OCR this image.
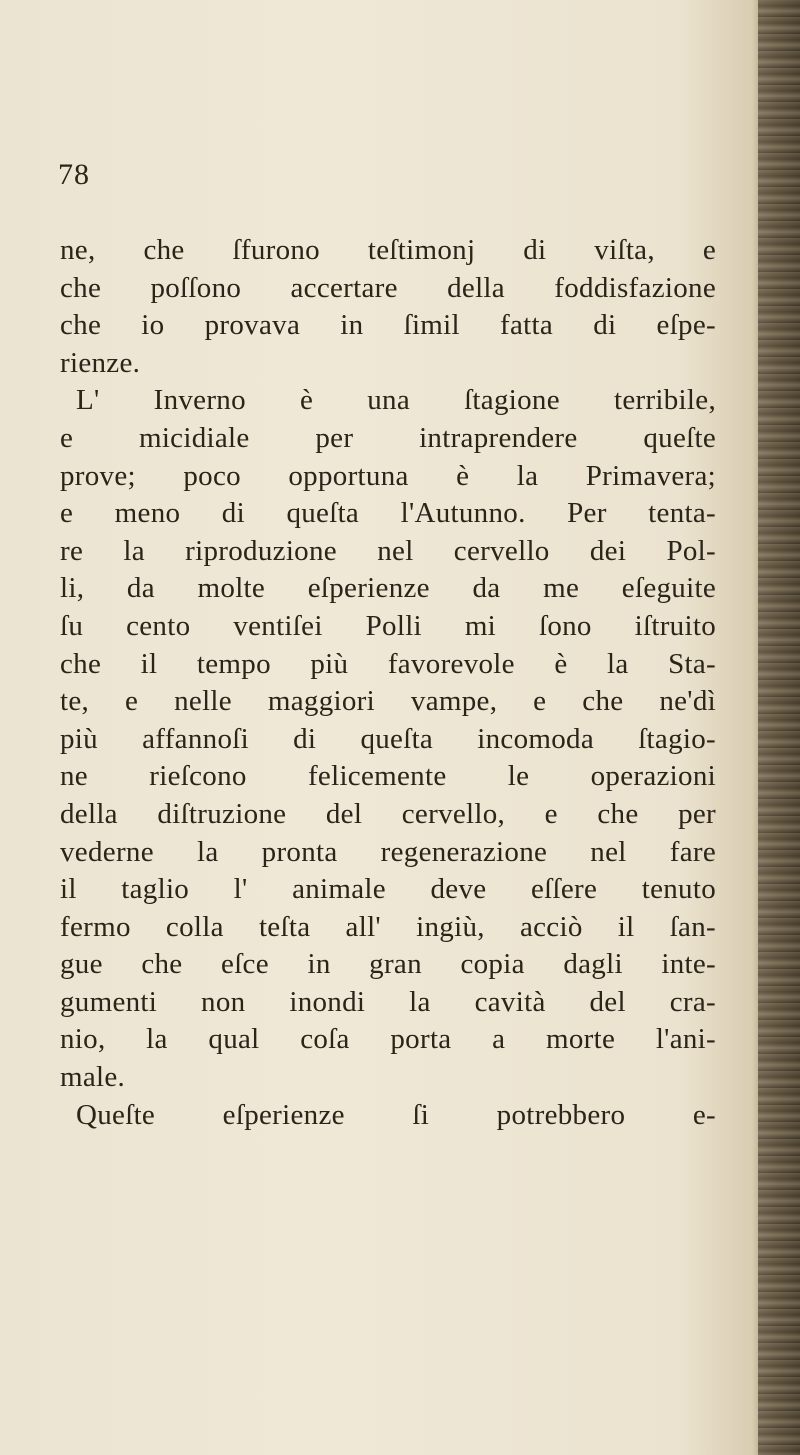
78
ne, che ſfurono teſtimonj di viſta, e
che poſſono accertare della foddisfazione
che io provava in ſimil fatta di eſpe-
rienze.
L' Inverno è una ſtagione terribile,
e micidiale per intraprendere queſte
prove; poco opportuna è la Primavera;
e meno di queſta l'Autunno. Per tenta-
re la riproduzione nel cervello dei Pol-
li, da molte eſperienze da me eſeguite
ſu cento ventiſei Polli mi ſono iſtruito
che il tempo più favorevole è la Sta-
te, e nelle maggiori vampe, e che ne'dì
più affannoſi di queſta incomoda ſtagio-
ne rieſcono felicemente le operazioni
della diſtruzione del cervello, e che per
vederne la pronta regenerazione nel fare
il taglio l' animale deve eſſere tenuto
fermo colla teſta all' ingiù, acciò il ſan-
gue che eſce in gran copia dagli inte-
gumenti non inondi la cavità del cra-
nio, la qual coſa porta a morte l'ani-
male.
Queſte eſperienze ſi potrebbero e-
